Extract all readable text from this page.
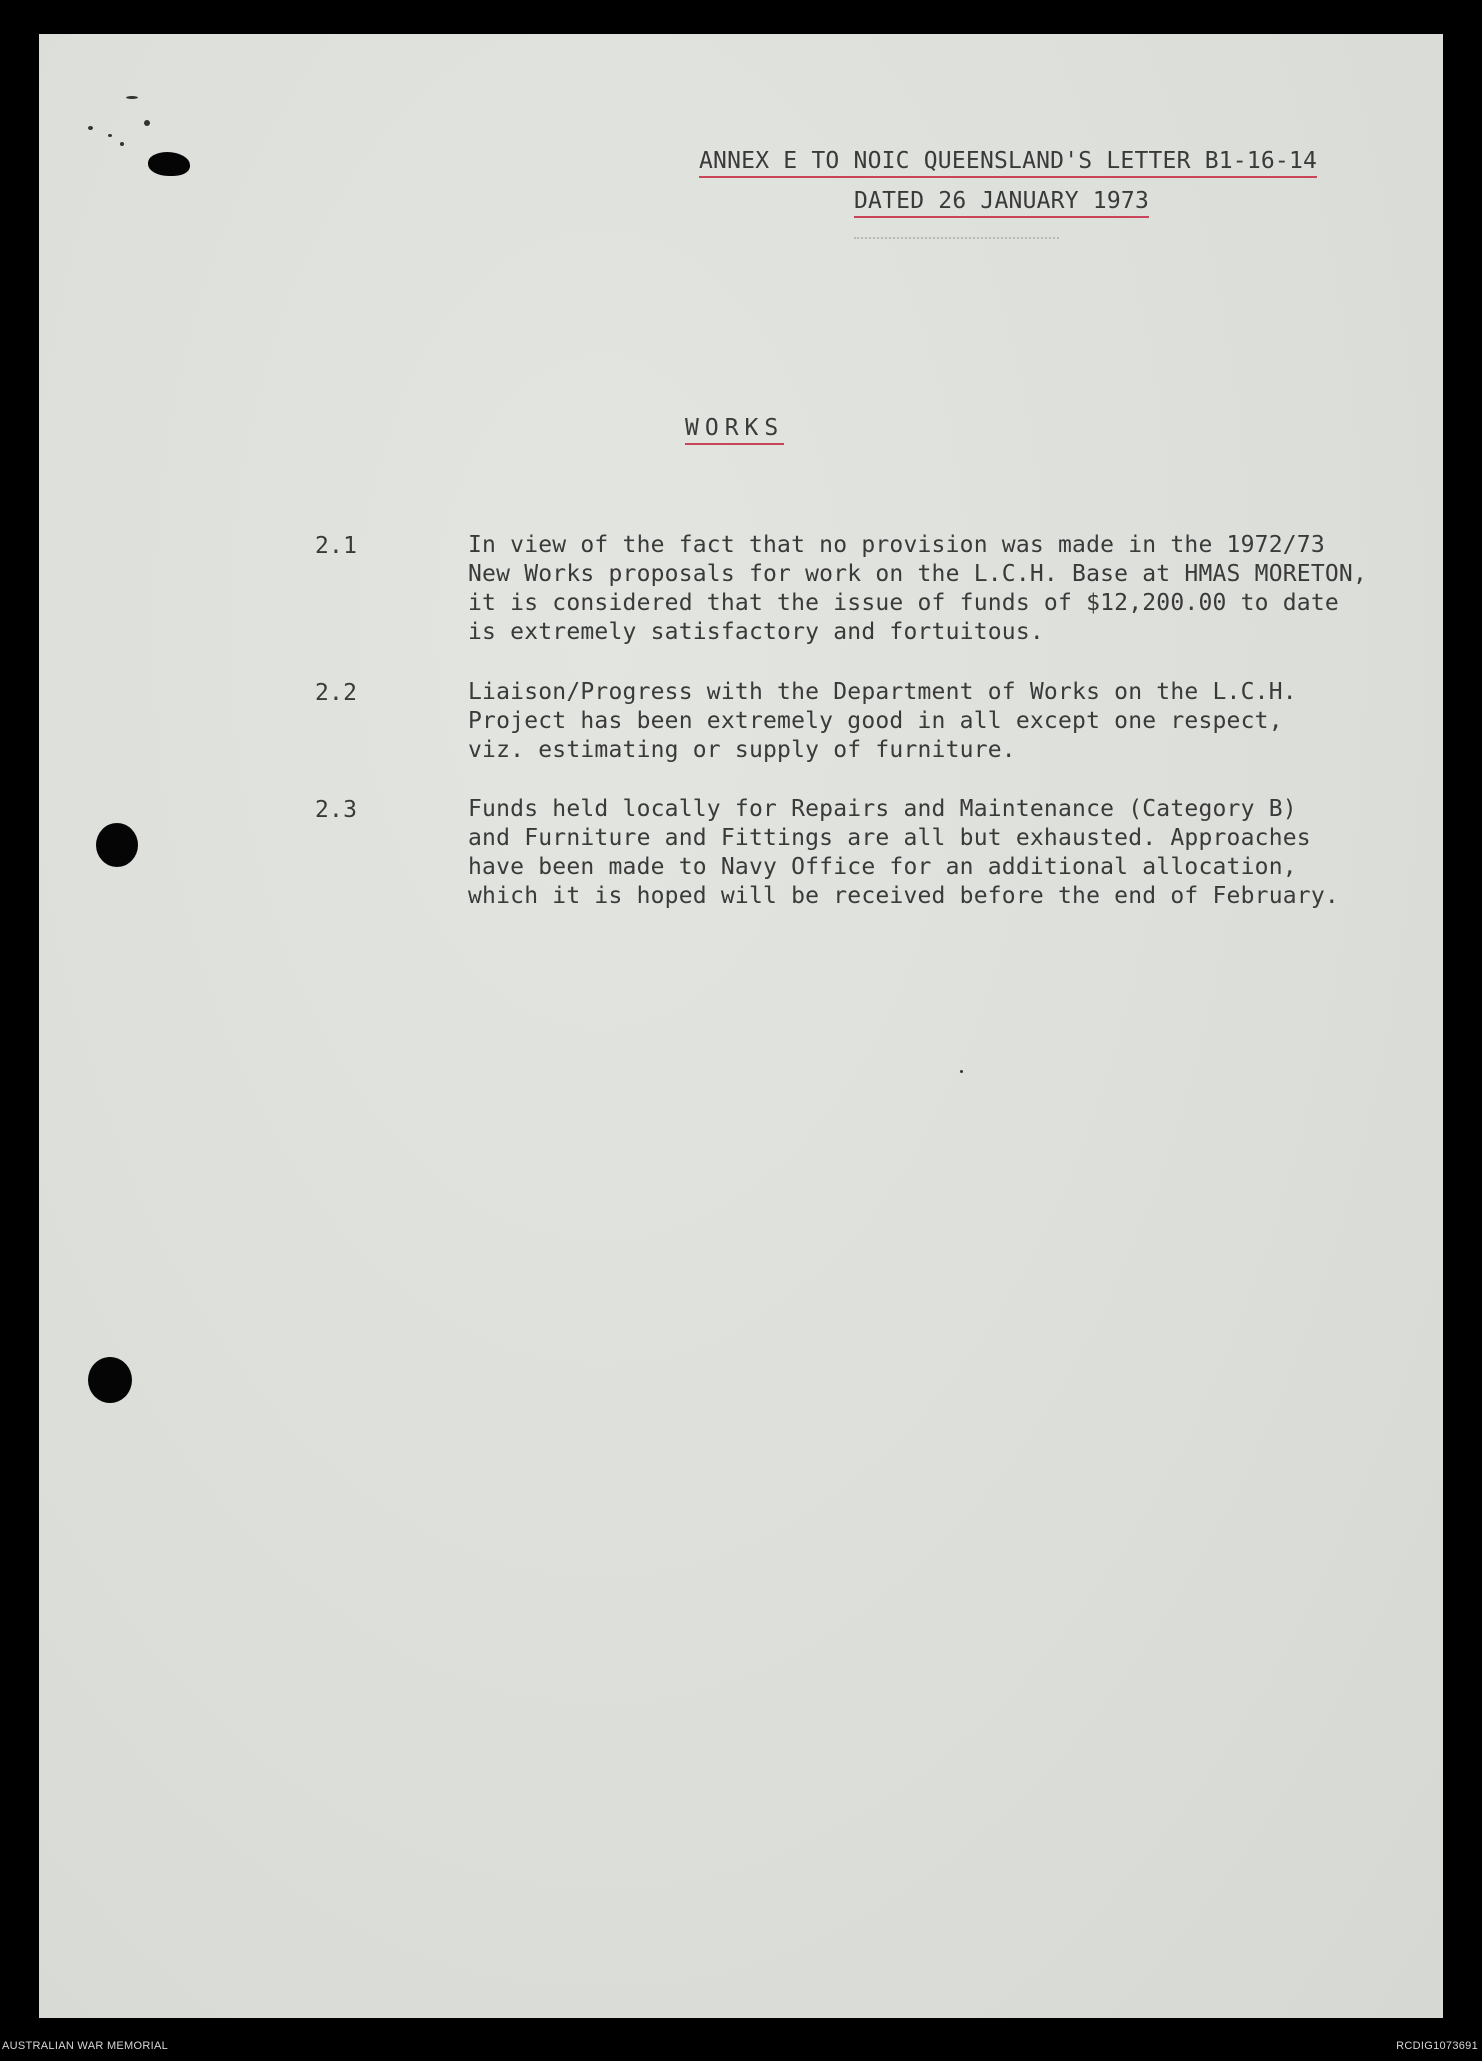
ANNEX E TO NOIC QUEENSLAND'S LETTER B1-16-14
DATED 26 JANUARY 1973
WORKS
2.1	In view of the fact that no provision was made in the 1972/73
New Works proposals for work on the L.C.H. Base at HMAS MORETON,
it is considered that the issue of funds of $12,200.00 to date
is extremely satisfactory and fortuitous.
2.2	Liaison/Progress with the Department of Works on the L.C.H.
Project has been extremely good in all except one respect,
viz. estimating or supply of furniture.
2.3	Funds held locally for Repairs and Maintenance (Category B)
and Furniture and Fittings are all but exhausted. Approaches
have been made to Navy Office for an additional allocation,
which it is hoped will be received before the end of February.
AUSTRALIAN WAR MEMORIAL	RCDIG1073691
